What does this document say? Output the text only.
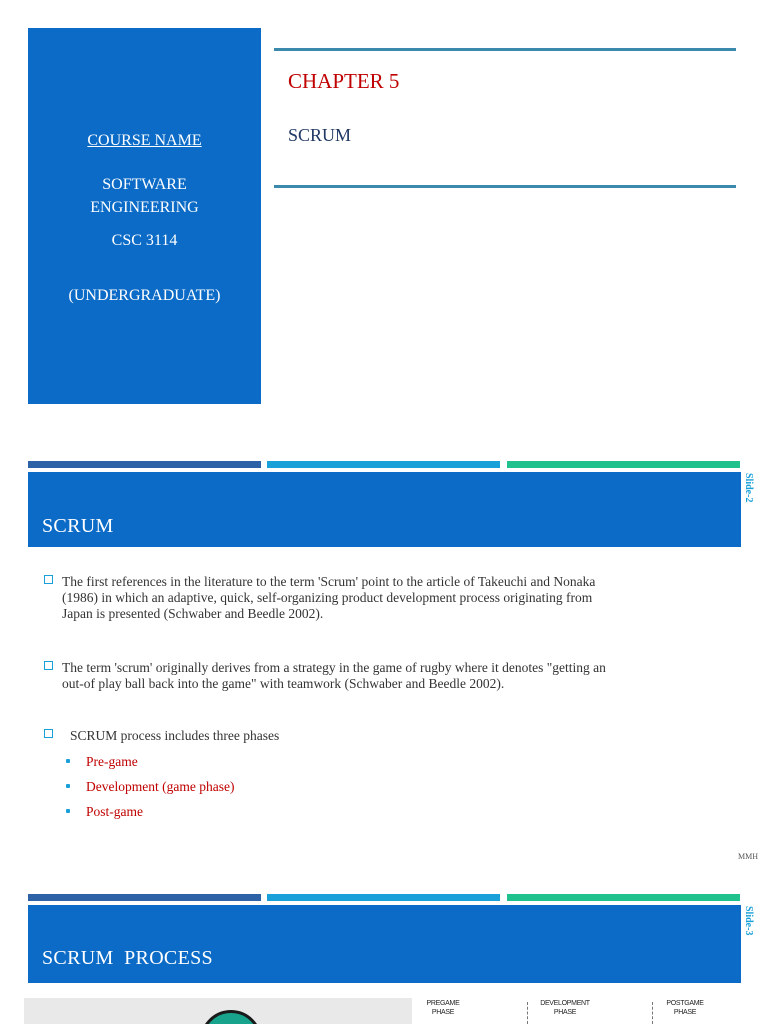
COURSE NAME
SOFTWARE
ENGINEERING
CSC 3114
(UNDERGRADUATE)
CHAPTER 5
SCRUM
SCRUM
Slide-2
The first references in the literature to the term 'Scrum' point to the article of Takeuchi and Nonaka
(1986) in which an adaptive, quick, self-organizing product development process originating from
Japan is presented (Schwaber and Beedle 2002).
The term 'scrum' originally derives from a strategy in the game of rugby where it denotes "getting an
out-of play ball back into the game" with teamwork (Schwaber and Beedle 2002).
SCRUM process includes three phases
Pre-game
Development (game phase)
Post-game
MMH
SCRUM  PROCESS
Slide-3
PREGAME
PHASE
DEVELOPMENT
PHASE
POSTGAME
PHASE
